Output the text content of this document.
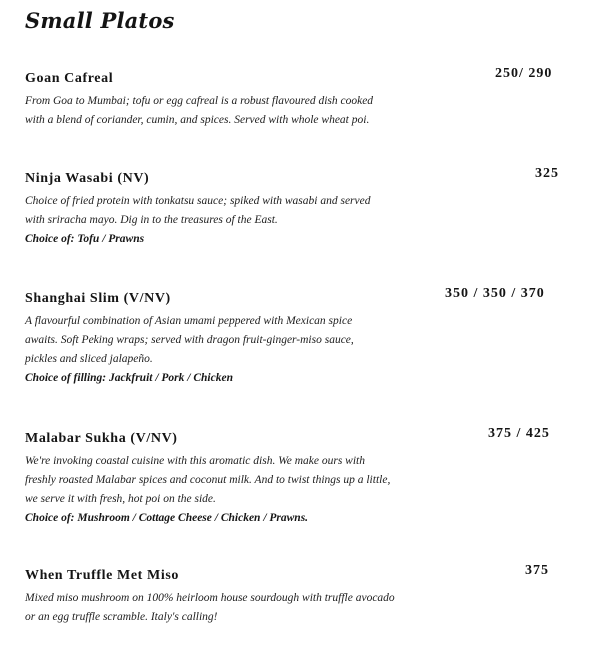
Small Platos
Goan Cafreal	250/ 290
From Goa to Mumbai; tofu or egg cafreal is a robust flavoured dish cooked
with a blend of coriander, cumin, and spices. Served with whole wheat poi.
Ninja Wasabi (NV)	325
Choice of fried protein with tonkatsu sauce; spiked with wasabi and served
with sriracha mayo. Dig in to the treasures of the East.
Choice of: Tofu / Prawns
Shanghai Slim (V/NV)	350 / 350 / 370
A flavourful combination of Asian umami peppered with Mexican spice
awaits. Soft Peking wraps; served with dragon fruit-ginger-miso sauce,
pickles and sliced jalapeño.
Choice of filling: Jackfruit / Pork / Chicken
Malabar Sukha (V/NV)	375 / 425
We're invoking coastal cuisine with this aromatic dish. We make ours with
freshly roasted Malabar spices and coconut milk. And to twist things up a little,
we serve it with fresh, hot poi on the side.
Choice of: Mushroom / Cottage Cheese / Chicken / Prawns.
When Truffle Met Miso	375
Mixed miso mushroom on 100% heirloom house sourdough with truffle avocado
or an egg truffle scramble. Italy's calling!
